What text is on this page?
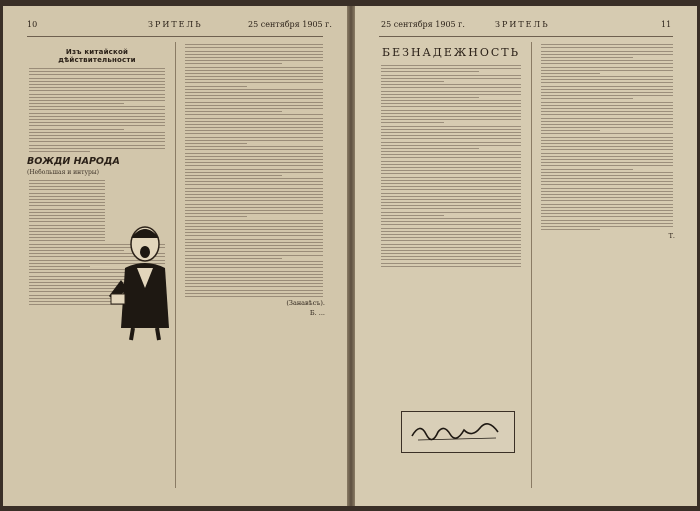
10	ЗРИТЕЛЬ	25 сентября 1905 г.
Изъ китайской дѣйствительности
ВОЖДИ НАРОДА
(Небольшая и интуры)
(Занавѣсъ).
Б. ...
25 сентября 1905 г.	ЗРИТЕЛЬ	11
БЕЗНАДЕЖНОСТЬ
Т.
